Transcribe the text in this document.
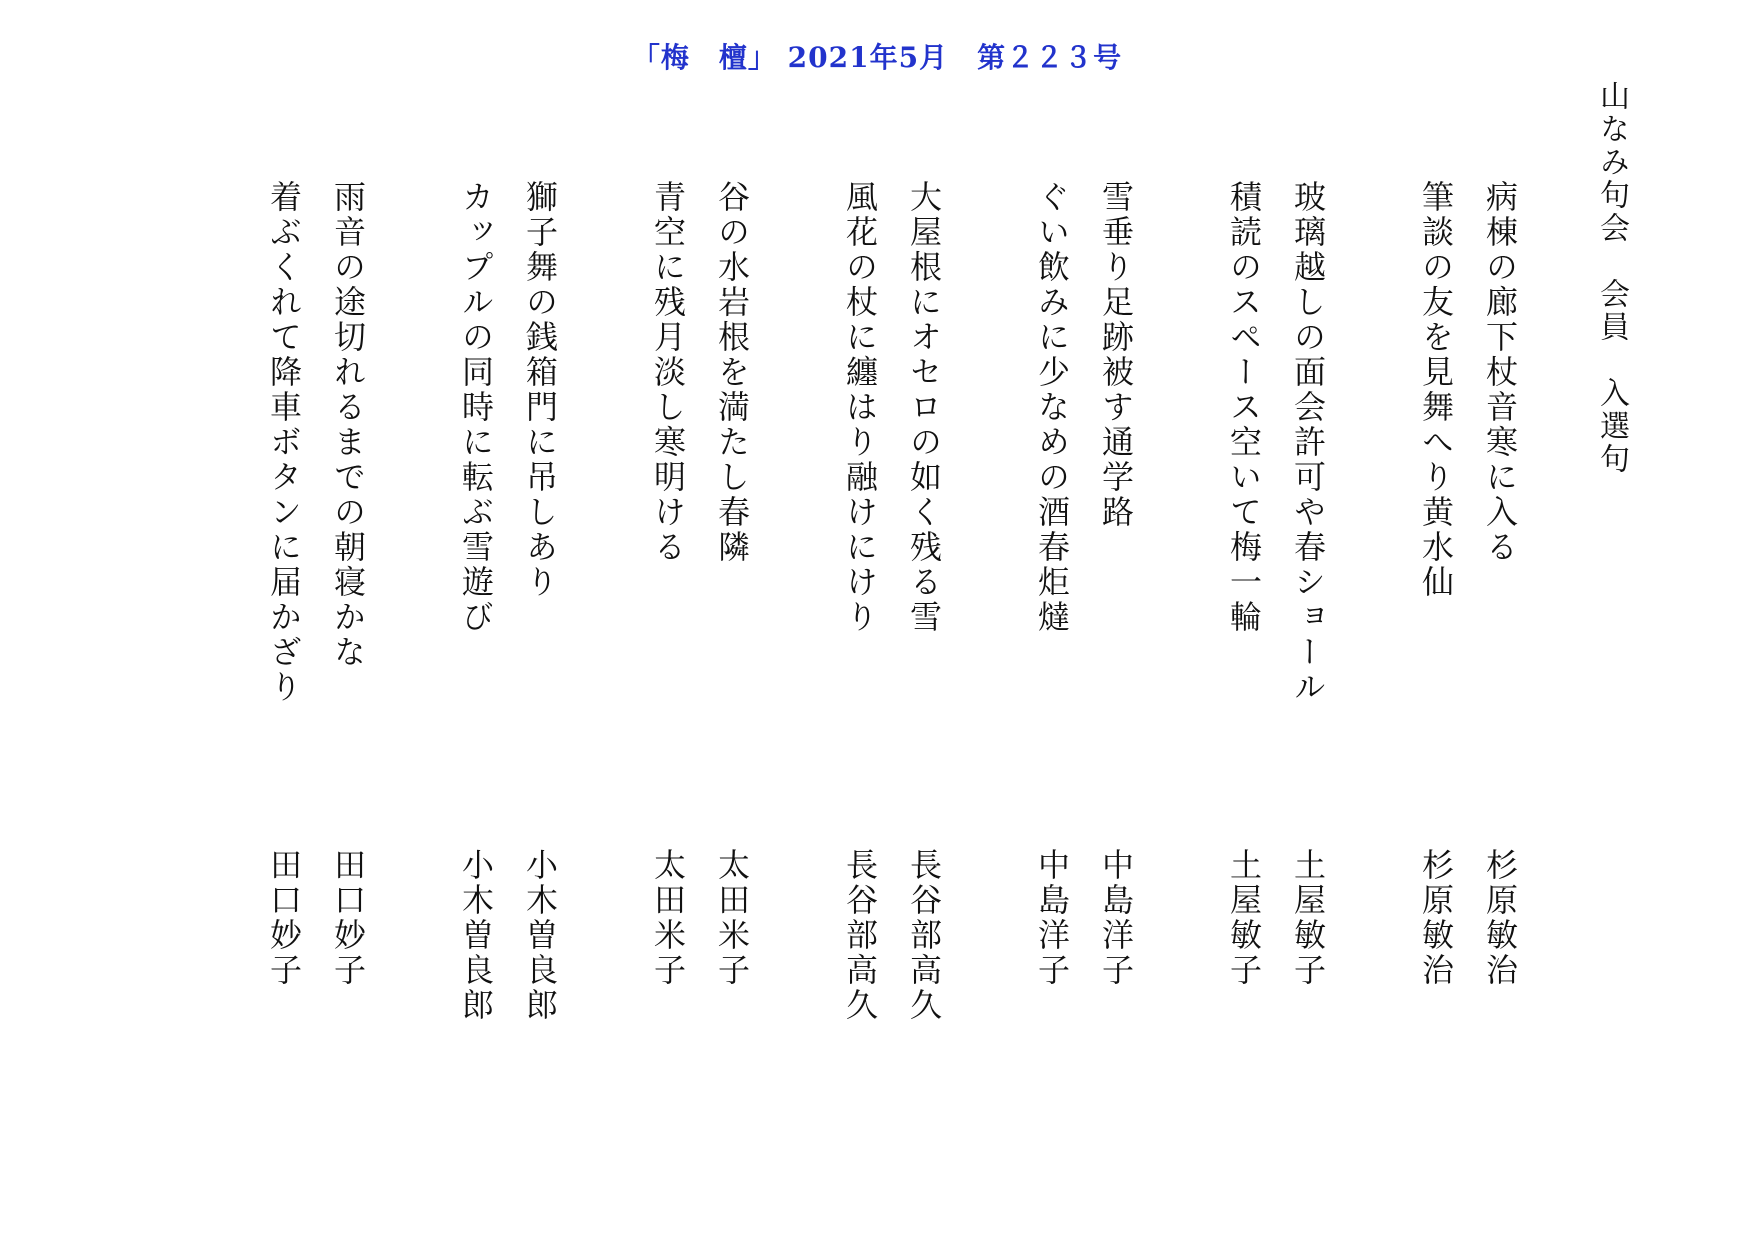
「梅　檀」 2021年5月　第２２３号
山なみ句会　会員　入選句
病棟の廊下杖音寒に入る
杉原敏治
筆談の友を見舞へり黄水仙
杉原敏治
玻璃越しの面会許可や春ショール
土屋敏子
積読のスペース空いて梅一輪
土屋敏子
雪垂り足跡被す通学路
中島洋子
ぐい飲みに少なめの酒春炬燵
中島洋子
大屋根にオセロの如く残る雪
長谷部高久
風花の杖に纏はり融けにけり
長谷部高久
谷の水岩根を満たし春隣
太田米子
青空に残月淡し寒明ける
太田米子
獅子舞の銭箱門に吊しあり
小木曽良郎
カップルの同時に転ぶ雪遊び
小木曽良郎
雨音の途切れるまでの朝寝かな
田口妙子
着ぶくれて降車ボタンに届かざり
田口妙子
